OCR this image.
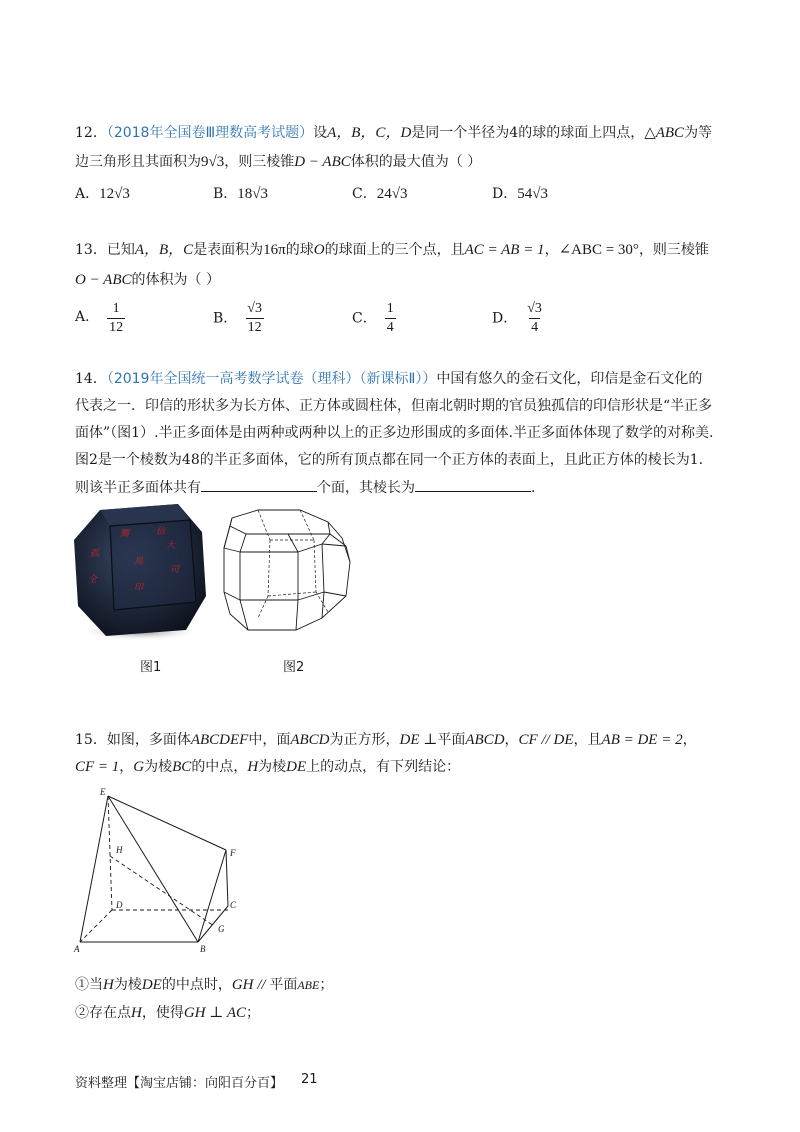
12．（2018年全国卷Ⅲ理数高考试题）设A，B，C，D是同一个半径为4的球的球面上四点，△ABC为等
边三角形且其面积为9√3，则三棱锥D − ABC体积的最大值为（ ）
A．12√3	B．18√3	C．24√3	D．54√3
13．已知A，B，C是表面积为16π的球O的球面上的三个点，且AC = AB = 1，∠ABC = 30°，则三棱锥
O − ABC的体积为（ ）
A． $\frac{1}{12}$	B． $\frac{√3}{12}$	C． $\frac{1}{4}$	D． $\frac{√3}{4}$
14．（2019年全国统一高考数学试卷（理科）（新课标Ⅱ））中国有悠久的金石文化，印信是金石文化的
代表之一．印信的形状多为长方体、正方体或圆柱体，但南北朝时期的官员独孤信的印信形状是“半正多
面体”（图1）.半正多面体是由两种或两种以上的正多边形围成的多面体.半正多面体体现了数学的对称美.
图2是一个棱数为48的半正多面体，它的所有顶点都在同一个正方体的表面上，且此正方体的棱长为1.
则该半正多面体共有	个面，其棱长为	.
大
司
馬
印
全
信
獨
孤
图1	图2
15．如图，多面体ABCDEF中，面ABCD为正方形，DE ⊥平面ABCD，CF // DE，且AB = DE = 2，
CF = 1，G为棱BC的中点，H为棱DE上的动点，有下列结论：
E
H	F
D	C
G
A	B
①当H为棱DE的中点时，GH // 平面ABE；
②存在点H，使得GH ⊥ AC；
资料整理【淘宝店铺：向阳百分百】 21
